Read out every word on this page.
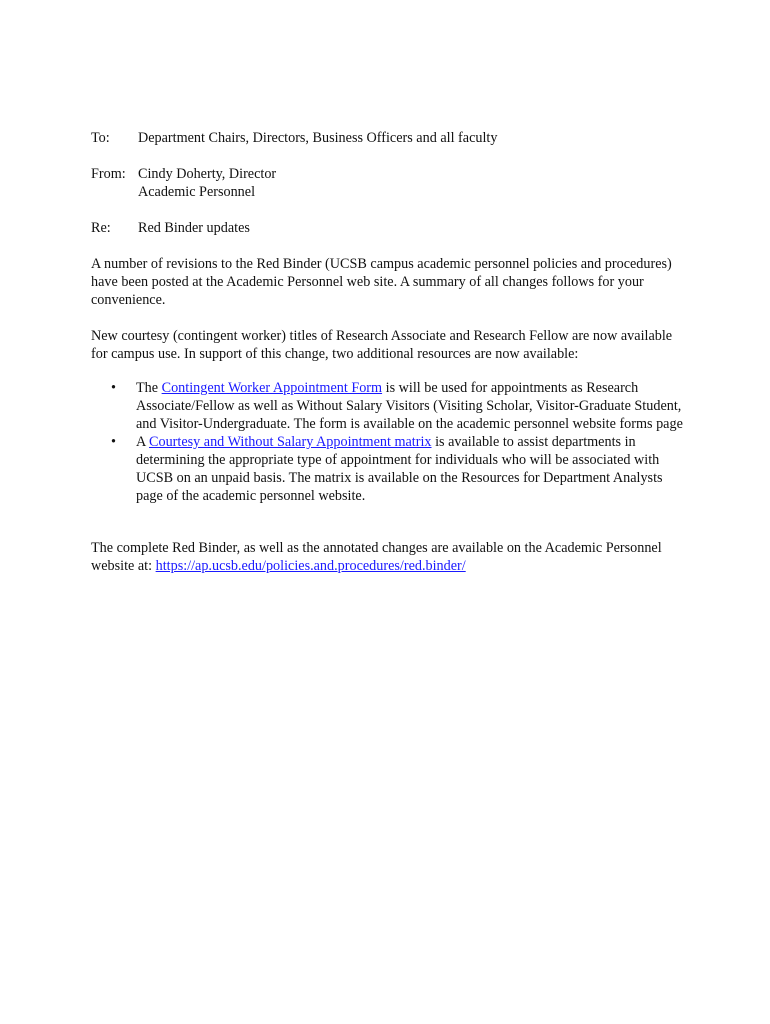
To:	Department Chairs, Directors, Business Officers and all faculty
From: Cindy Doherty, Director
Academic Personnel
Re:	Red Binder updates

A number of revisions to the Red Binder (UCSB campus academic personnel policies and procedures) have been posted at the Academic Personnel web site. A summary of all changes follows for your convenience.

New courtesy (contingent worker) titles of Research Associate and Research Fellow are now available for campus use. In support of this change, two additional resources are now available:

• The Contingent Worker Appointment Form is will be used for appointments as Research Associate/Fellow as well as Without Salary Visitors (Visiting Scholar, Visitor-Graduate Student, and Visitor-Undergraduate. The form is available on the academic personnel website forms page
• A Courtesy and Without Salary Appointment matrix is available to assist departments in determining the appropriate type of appointment for individuals who will be associated with UCSB on an unpaid basis. The matrix is available on the Resources for Department Analysts page of the academic personnel website.

The complete Red Binder, as well as the annotated changes are available on the Academic Personnel website at: https://ap.ucsb.edu/policies.and.procedures/red.binder/
